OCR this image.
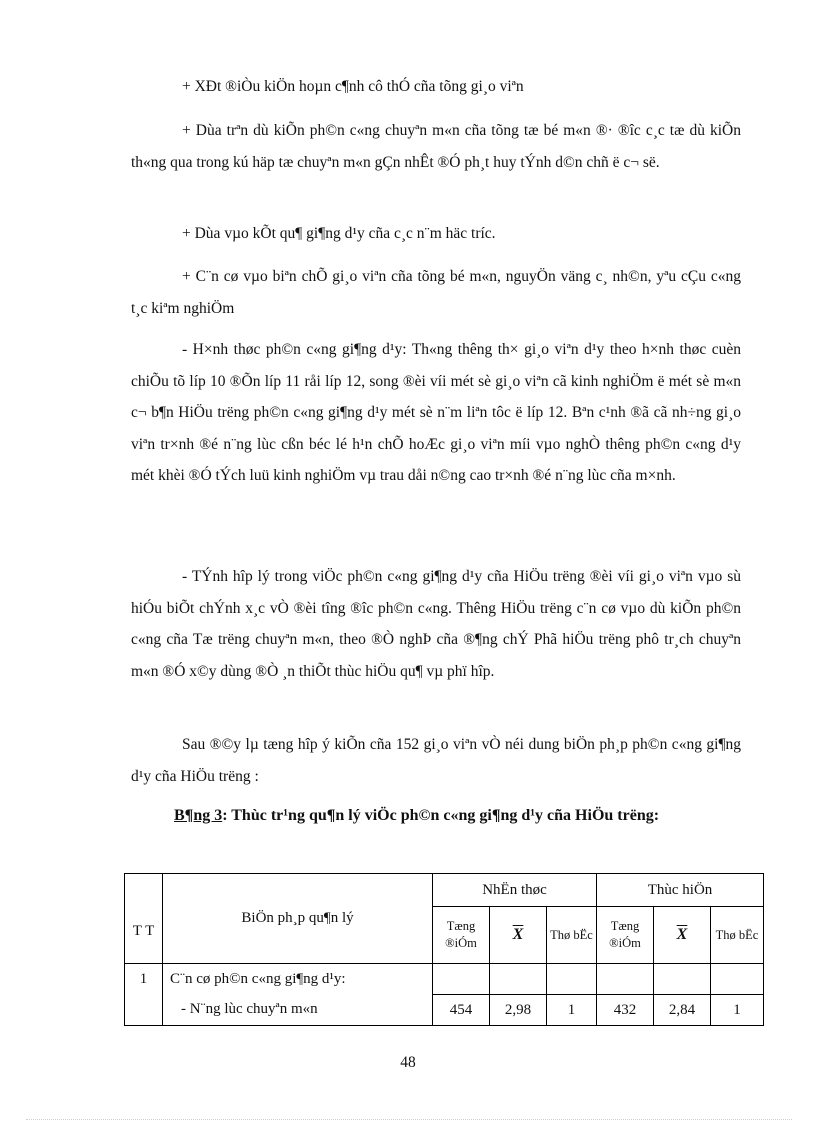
+ XÐt ®iÒu kiÖn hoµn c¶nh cô thÓ cña tõng gi¸o viªn
+ Dùa trªn dù kiÕn ph©n c«ng chuyªn m«n cña tõng tæ bé m«n ®· ®îc c¸c tæ dù kiÕn th«ng qua trong kú häp tæ chuyªn m«n gÇn nhÊt ®Ó ph¸t huy tÝnh d©n chñ ë c¬ së.
+ Dùa vµo kÕt qu¶ gi¶ng d¹y cña c¸c n¨m häc tríc.
+ C¨n cø vµo biªn chÕ gi¸o viªn cña tõng bé m«n, nguyÖn väng c¸ nh©n, yªu cÇu c«ng t¸c kiªm nghiÖm
- H×nh thøc ph©n c«ng gi¶ng d¹y: Th«ng thêng th× gi¸o viªn d¹y theo h×nh thøc cuèn chiÕu tõ líp 10 ®Õn líp 11 råi líp 12, song ®èi víi mét sè gi¸o viªn cã kinh nghiÖm ë mét sè m«n c¬ b¶n HiÖu trëng ph©n c«ng gi¶ng d¹y mét sè n¨m liªn tôc ë líp 12. Bªn c¹nh ®ã cã nh÷ng gi¸o viªn tr×nh ®é n¨ng lùc cßn béc lé h¹n chÕ hoÆc gi¸o viªn míi vµo nghÒ thêng ph©n c«ng d¹y mét khèi ®Ó tÝch luü kinh nghiÖm vµ trau dåi n©ng cao tr×nh ®é n¨ng lùc cña m×nh.
- TÝnh hîp lý trong viÖc ph©n c«ng gi¶ng d¹y cña HiÖu trëng ®èi víi gi¸o viªn vµo sù hiÓu biÕt chÝnh x¸c vÒ ®èi tîng ®îc ph©n c«ng. Thêng HiÖu trëng c¨n cø vµo dù kiÕn ph©n c«ng cña Tæ trëng chuyªn m«n, theo ®Ò nghÞ cña ®¶ng chÝ Phã hiÖu trëng phô tr¸ch chuyªn m«n ®Ó x©y dùng ®Ò ¸n thiÕt thùc hiÖu qu¶ vµ phï hîp.
Sau ®©y lµ tæng hîp ý kiÕn cña 152 gi¸o viªn vÒ néi dung biÖn ph¸p ph©n c«ng gi¶ng d¹y cña HiÖu trëng :
B¶ng 3: Thùc tr¹ng qu¶n lý viÖc ph©n c«ng gi¶ng d¹y cña HiÖu trëng:
T T	BiÖn ph¸p qu¶n lý	NhËn thøc			Thùc hiÖn		
		Tæng ®iÓm	$\overline{X}$	Thø bËc	Tæng ®iÓm	$\overline{X}$	Thø bËc
1	C¨n cø ph©n c«ng gi¶ng d¹y:						
	- N¨ng lùc chuyªn m«n	454	2,98	1	432	2,84	1
48
